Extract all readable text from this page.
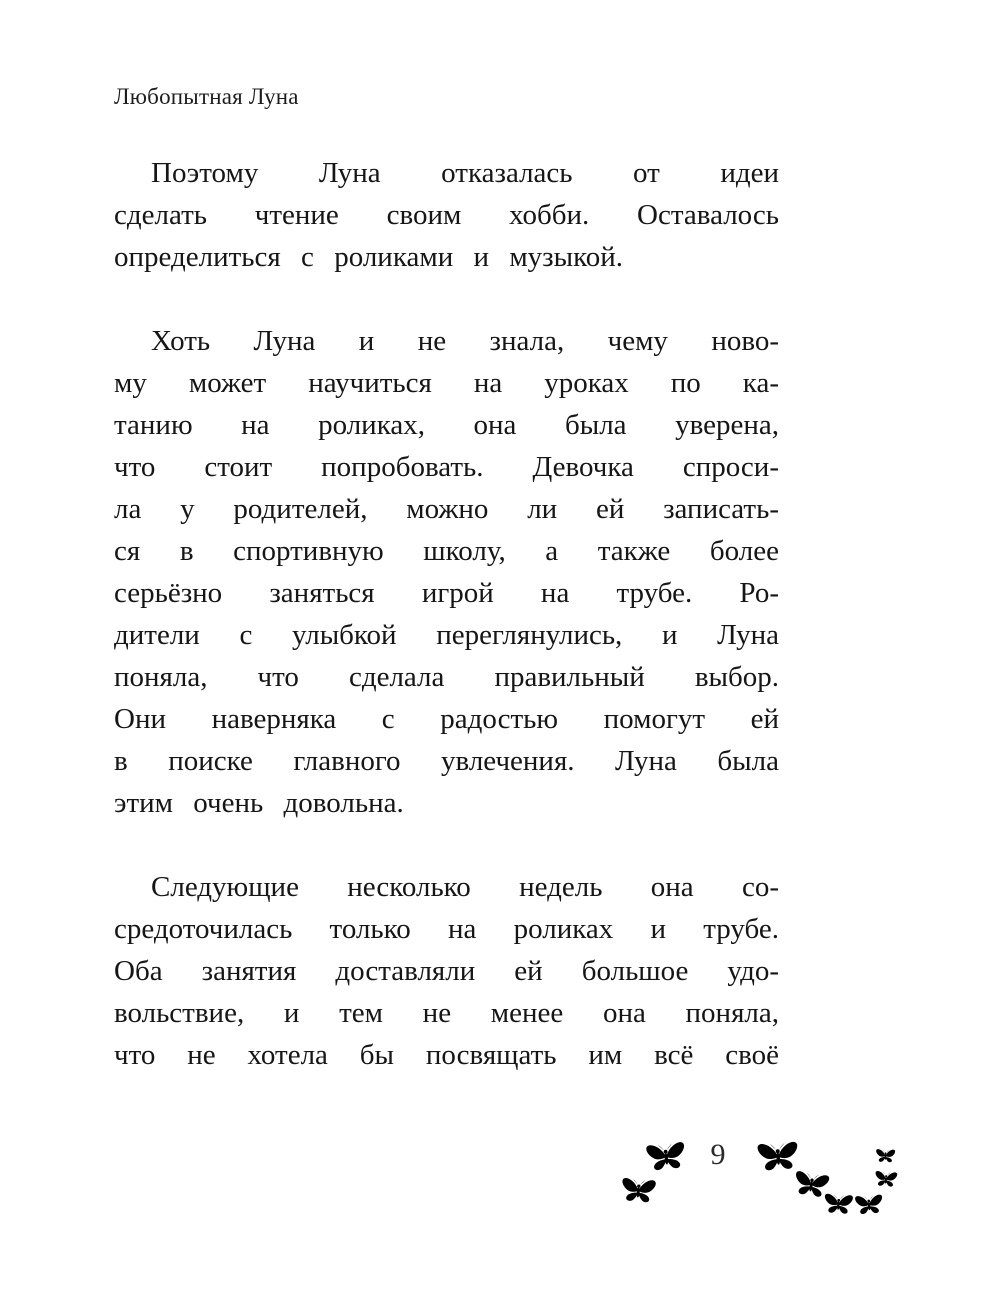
Любопытная Луна
Поэтому Луна отказалась от идеи
сделать чтение своим хобби. Оставалось
определиться с роликами и музыкой.
Хоть Луна и не знала, чему ново-
му может научиться на уроках по ка-
танию на роликах, она была уверена,
что стоит попробовать. Девочка спроси-
ла у родителей, можно ли ей записать-
ся в спортивную школу, а также более
серьёзно заняться игрой на трубе. Ро-
дители с улыбкой переглянулись, и Луна
поняла, что сделала правильный выбор.
Они наверняка с радостью помогут ей
в поиске главного увлечения. Луна была
этим очень довольна.
Следующие несколько недель она со-
средоточилась только на роликах и трубе.
Оба занятия доставляли ей большое удо-
вольствие, и тем не менее она поняла,
что не хотела бы посвящать им всё своё
9
